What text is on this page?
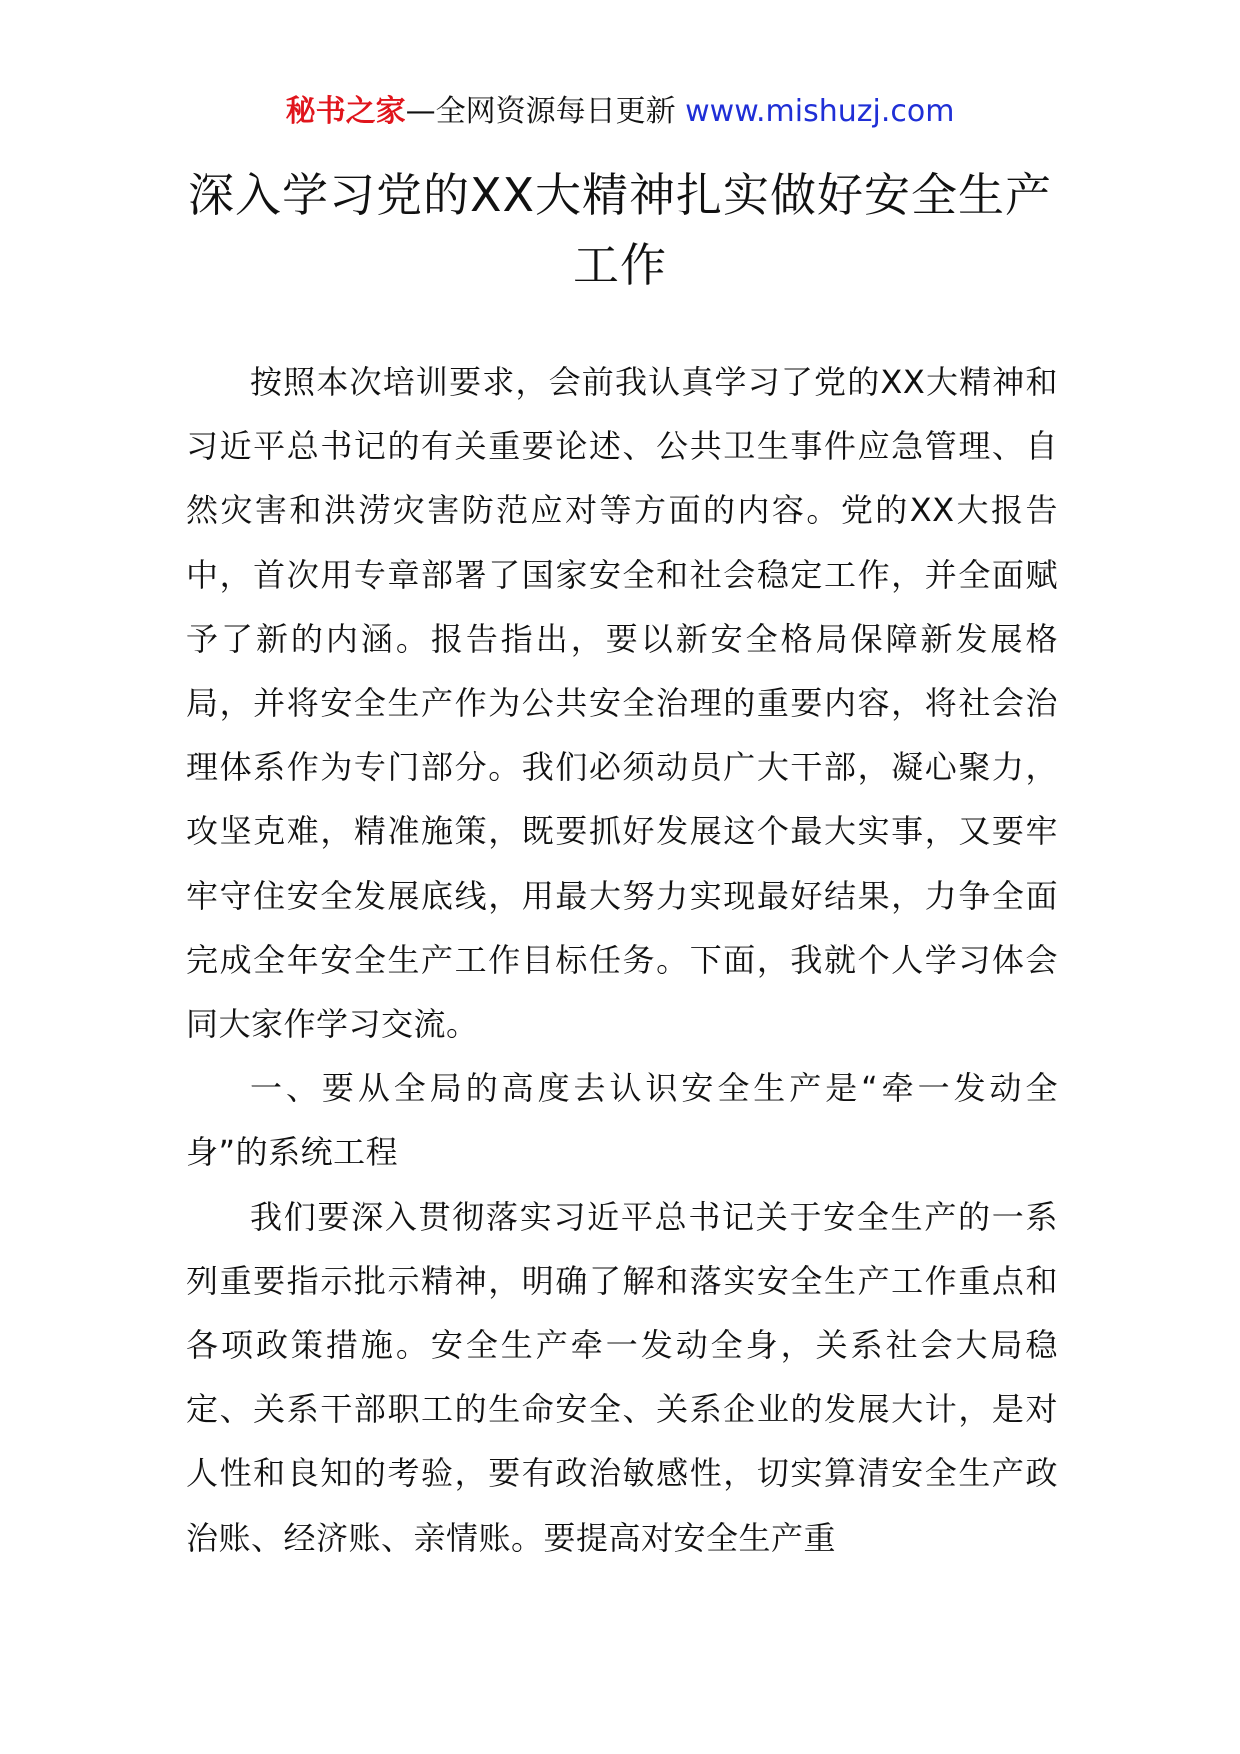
秘书之家—全网资源每日更新 www.mishuzj.com
深入学习党的XX大精神扎实做好安全生产工作

按照本次培训要求，会前我认真学习了党的XX大精神和习近平总书记的有关重要论述、公共卫生事件应急管理、自然灾害和洪涝灾害防范应对等方面的内容。党的XX大报告中，首次用专章部署了国家安全和社会稳定工作，并全面赋予了新的内涵。报告指出，要以新安全格局保障新发展格局，并将安全生产作为公共安全治理的重要内容，将社会治理体系作为专门部分。我们必须动员广大干部，凝心聚力，攻坚克难，精准施策，既要抓好发展这个最大实事，又要牢牢守住安全发展底线，用最大努力实现最好结果，力争全面完成全年安全生产工作目标任务。下面，我就个人学习体会同大家作学习交流。

一、要从全局的高度去认识安全生产是“牵一发动全身”的系统工程

我们要深入贯彻落实习近平总书记关于安全生产的一系列重要指示批示精神，明确了解和落实安全生产工作重点和各项政策措施。安全生产牵一发动全身，关系社会大局稳定、关系干部职工的生命安全、关系企业的发展大计，是对人性和良知的考验，要有政治敏感性，切实算清安全生产政治账、经济账、亲情账。要提高对安全生产重
